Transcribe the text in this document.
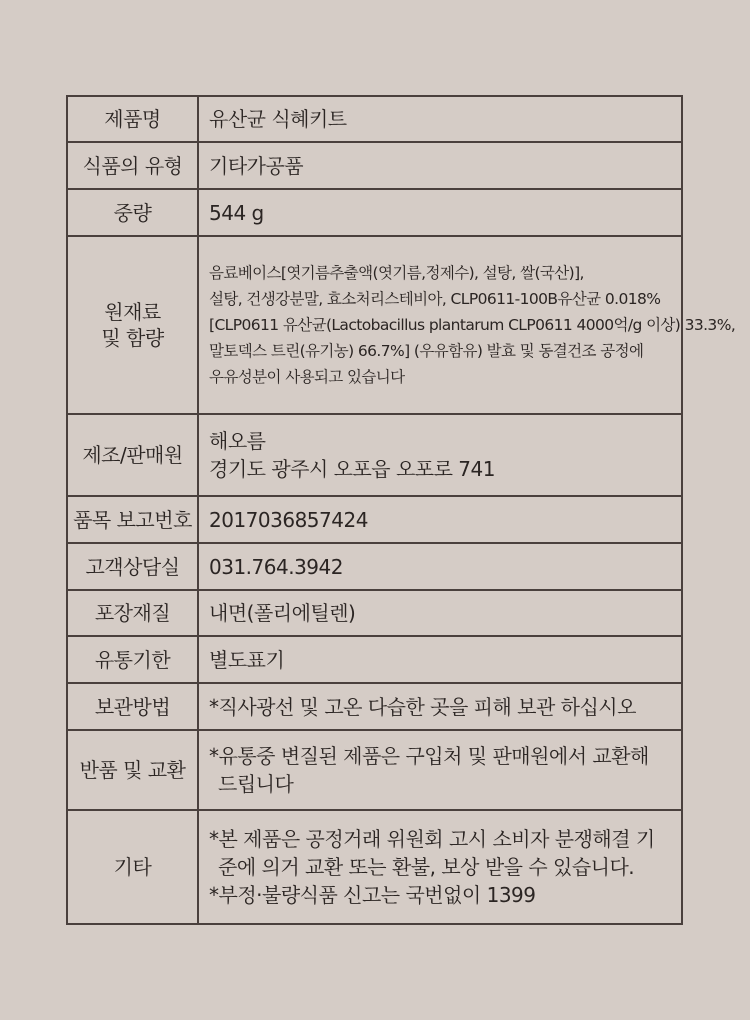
제품명	유산균 식혜키트

식품의 유형	기타가공품

중량	544 g

원재료
및 함량	음료베이스[엿기름추출액(엿기름,정제수), 설탕, 쌀(국산)],
설탕, 건생강분말, 효소처리스테비아, CLP0611-100B유산균 0.018%
[CLP0611 유산균(Lactobacillus plantarum CLP0611 4000억/g 이상) 33.3%,
말토덱스 트린(유기농) 66.7%] (우유함유) 발효 및 동결건조 공정에
우유성분이 사용되고 있습니다

제조/판매원	해오름
경기도 광주시 오포읍 오포로 741

품목 보고번호	2017036857424

고객상담실	031.764.3942

포장재질	내면(폴리에틸렌)

유통기한	별도표기

보관방법	*직사광선 및 고온 다습한 곳을 피해 보관 하십시오

반품 및 교환	*유통중 변질된 제품은 구입처 및 판매원에서 교환해
드립니다

기타	*본 제품은 공정거래 위원회 고시 소비자 분쟁해결 기
준에 의거 교환 또는 환불, 보상 받을 수 있습니다.
*부정·불량식품 신고는 국번없이 1399
